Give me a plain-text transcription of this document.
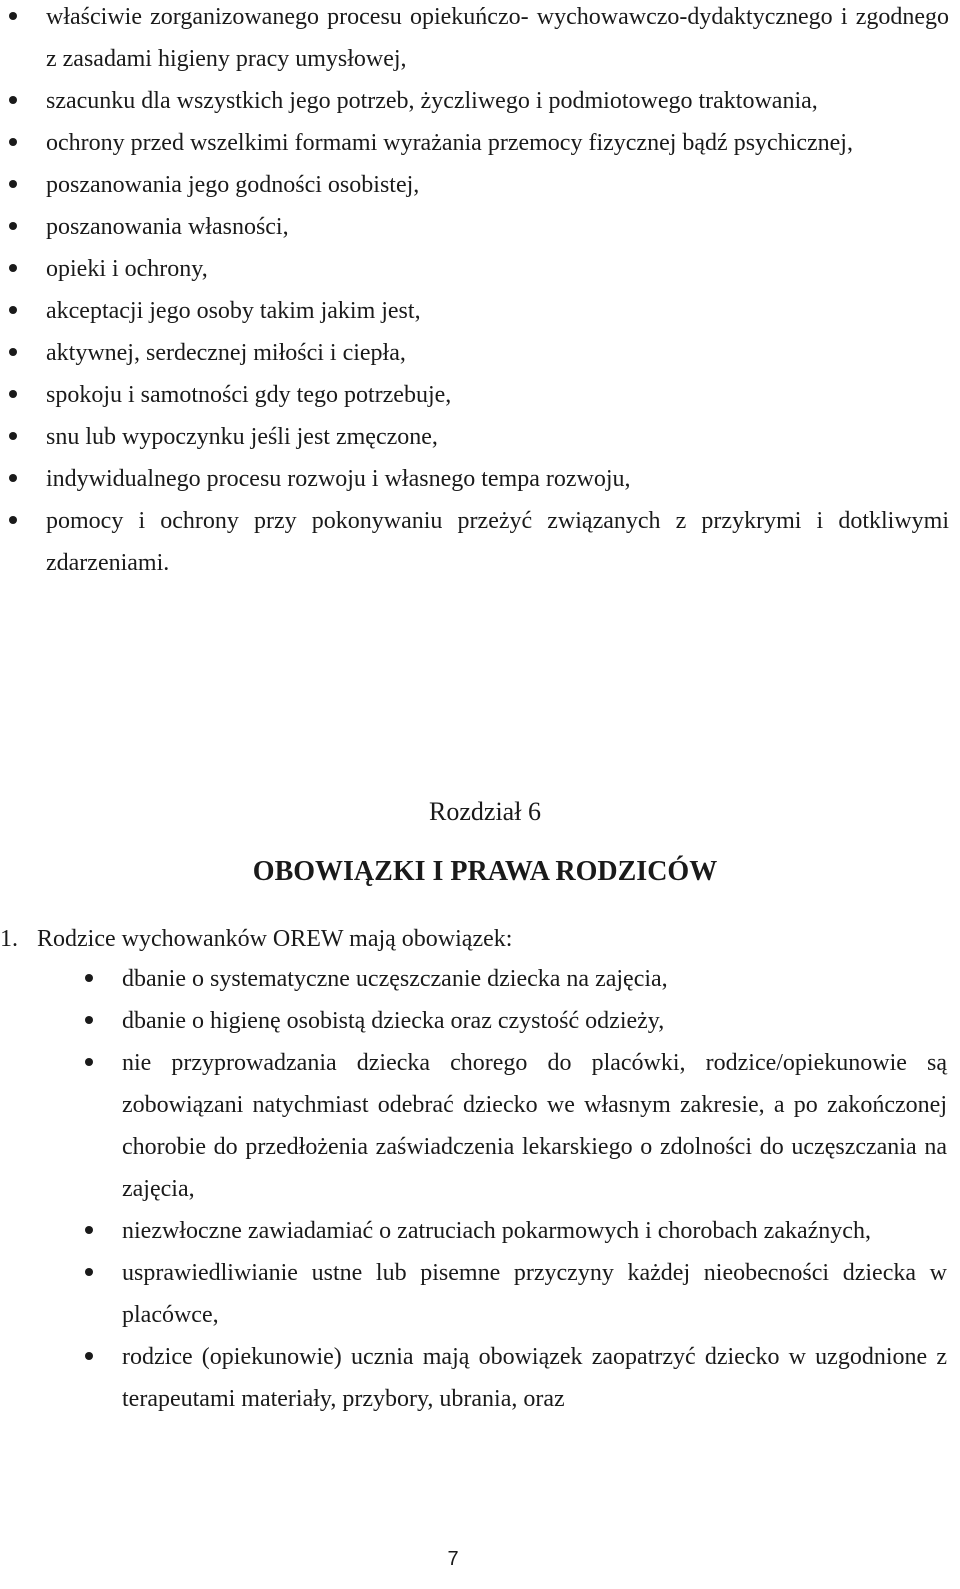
właściwie zorganizowanego procesu opiekuńczo- wychowawczo-dydaktycznego i zgodnego z zasadami higieny pracy umysłowej,
szacunku dla wszystkich jego potrzeb, życzliwego i podmiotowego traktowania,
ochrony przed wszelkimi formami wyrażania przemocy fizycznej bądź psychicznej,
poszanowania jego godności osobistej,
poszanowania własności,
opieki i ochrony,
akceptacji jego osoby takim jakim jest,
aktywnej, serdecznej miłości i ciepła,
spokoju i samotności gdy tego potrzebuje,
snu lub wypoczynku jeśli jest zmęczone,
indywidualnego procesu rozwoju i własnego tempa rozwoju,
pomocy i ochrony przy pokonywaniu przeżyć związanych z przykrymi i dotkliwymi zdarzeniami.
Rozdział 6
OBOWIĄZKI I PRAWA RODZICÓW
1. Rodzice wychowanków OREW mają obowiązek:
dbanie o systematyczne uczęszczanie dziecka na zajęcia,
dbanie o higienę osobistą dziecka oraz czystość odzieży,
nie przyprowadzania dziecka chorego do placówki, rodzice/opiekunowie są zobowiązani natychmiast odebrać dziecko we własnym zakresie, a po zakończonej chorobie do przedłożenia zaświadczenia lekarskiego o zdolności do uczęszczania na zajęcia,
niezwłoczne zawiadamiać o zatruciach pokarmowych i chorobach zakaźnych,
usprawiedliwianie ustne lub pisemne przyczyny każdej nieobecności dziecka w placówce,
rodzice (opiekunowie) ucznia mają obowiązek zaopatrzyć dziecko w uzgodnione z terapeutami materiały, przybory, ubrania, oraz
7
